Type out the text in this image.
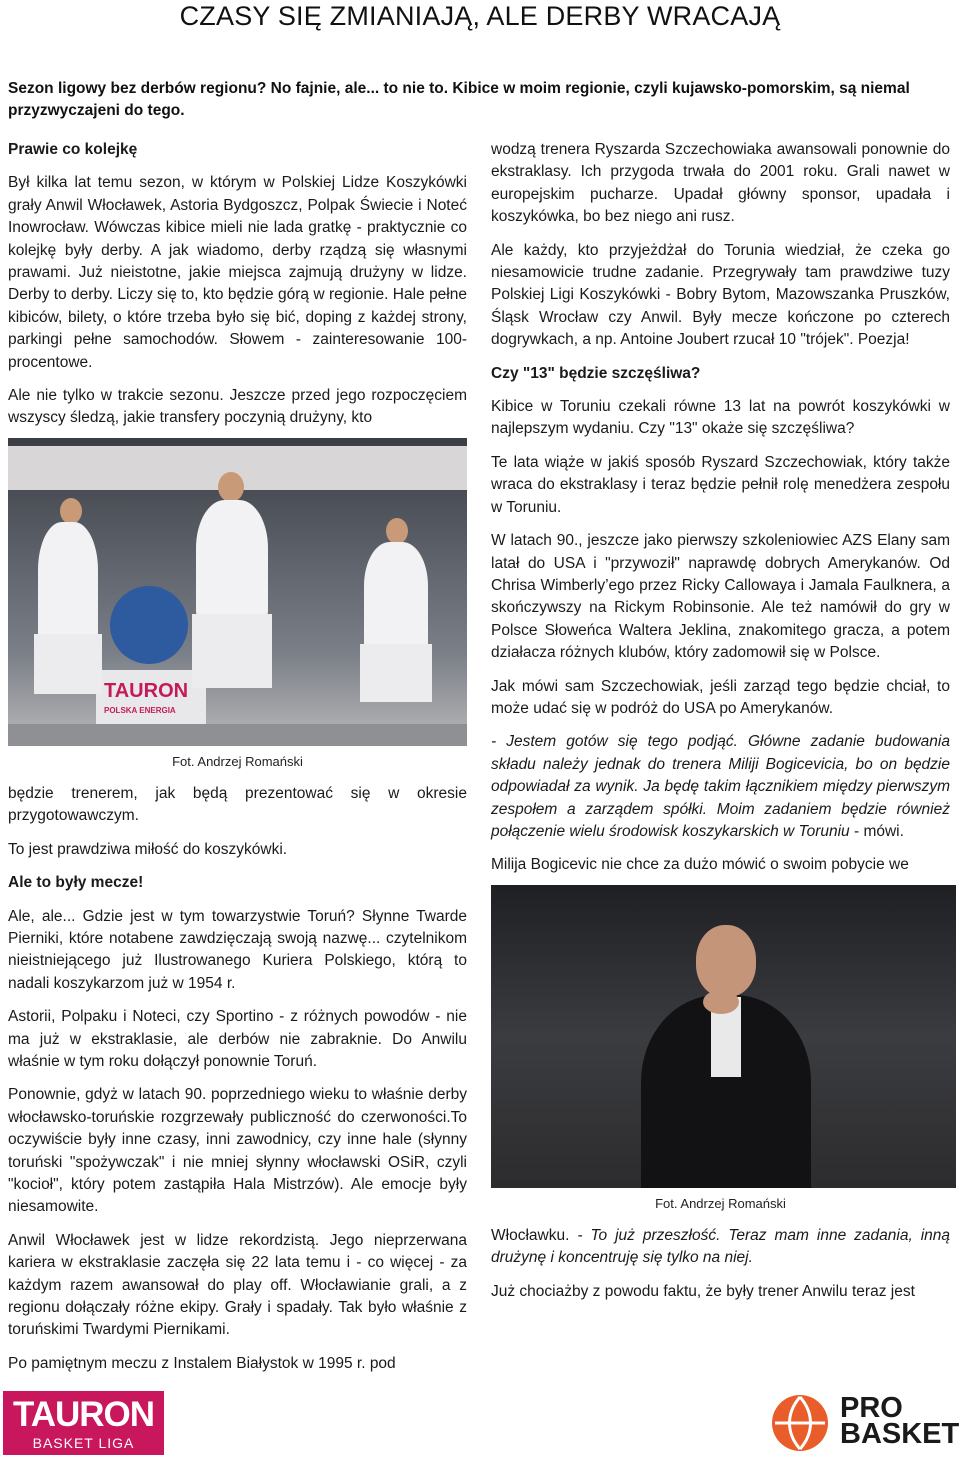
CZASY SIĘ ZMIANIAJĄ, ALE DERBY WRACAJĄ
Sezon ligowy bez derbów regionu? No fajnie, ale... to nie to. Kibice w moim regionie, czyli kujawsko-pomorskim, są niemal przyzwyczajeni do tego.

Prawie co kolejkę

Był kilka lat temu sezon, w którym w Polskiej Lidze Koszykówki grały Anwil Włocławek, Astoria Bydgoszcz, Polpak Świecie i Noteć Inowrocław. Wówczas kibice mieli nie lada gratkę - praktycznie co kolejkę były derby. A jak wiadomo, derby rządzą się własnymi prawami. Już nieistotne, jakie miejsca zajmują drużyny w lidze. Derby to derby. Liczy się to, kto będzie górą w regionie. Hale pełne kibiców, bilety, o które trzeba było się bić, doping z każdej strony, parkingi pełne samochodów. Słowem - zainteresowanie 100-procentowe.

Ale nie tylko w trakcie sezonu. Jeszcze przed jego rozpoczęciem wszyscy śledzą, jakie transfery poczynią drużyny, kto

TAURON
POLSKA ENERGIA
Fot. Andrzej Romański

będzie trenerem, jak będą prezentować się w okresie przygotowawczym.

To jest prawdziwa miłość do koszykówki.

Ale to były mecze!

Ale, ale... Gdzie jest w tym towarzystwie Toruń? Słynne Twarde Pierniki, które notabene zawdzięczają swoją nazwę... czytelnikom nieistniejącego już Ilustrowanego Kuriera Polskiego, którą to nadali koszykarzom już w 1954 r.

Astorii, Polpaku i Noteci, czy Sportino - z różnych powodów - nie ma już w ekstraklasie, ale derbów nie zabraknie. Do Anwilu właśnie w tym roku dołączył ponownie Toruń.

Ponownie, gdyż w latach 90. poprzedniego wieku to właśnie derby włocławsko-toruńskie rozgrzewały publiczność do czerwoności.To oczywiście były inne czasy, inni zawodnicy, czy inne hale (słynny toruński "spożywczak" i nie mniej słynny włocławski OSiR, czyli "kocioł", który potem zastąpiła Hala Mistrzów). Ale emocje były niesamowite.

Anwil Włocławek jest w lidze rekordzistą. Jego nieprzerwana kariera w ekstraklasie zaczęła się 22 lata temu i - co więcej - za każdym razem awansował do play off. Włocławianie grali, a z regionu dołączały różne ekipy. Grały i spadały. Tak było właśnie z toruńskimi Twardymi Piernikami.

Po pamiętnym meczu z Instalem Białystok w 1995 r. pod

wodzą trenera Ryszarda Szczechowiaka awansowali ponownie do ekstraklasy. Ich przygoda trwała do 2001 roku. Grali nawet w europejskim pucharze. Upadał główny sponsor, upadała i koszykówka, bo bez niego ani rusz.

Ale każdy, kto przyjeżdżał do Torunia wiedział, że czeka go niesamowicie trudne zadanie. Przegrywały tam prawdziwe tuzy Polskiej Ligi Koszykówki - Bobry Bytom, Mazowszanka Pruszków, Śląsk Wrocław czy Anwil. Były mecze kończone po czterech dogrywkach, a np. Antoine Joubert rzucał 10 "trójek". Poezja!

Czy "13" będzie szczęśliwa?

Kibice w Toruniu czekali równe 13 lat na powrót koszykówki w najlepszym wydaniu. Czy "13" okaże się szczęśliwa?

Te lata wiąże w jakiś sposób Ryszard Szczechowiak, który także wraca do ekstraklasy i teraz będzie pełnił rolę menedżera zespołu w Toruniu.

W latach 90., jeszcze jako pierwszy szkoleniowiec AZS Elany sam latał do USA i "przywoził" naprawdę dobrych Amerykanów. Od Chrisa Wimberly’ego przez Ricky Callowaya i Jamala Faulknera, a skończywszy na Rickym Robinsonie. Ale też namówił do gry w Polsce Słoweńca Waltera Jeklina, znakomitego gracza, a potem działacza różnych klubów, który zadomowił się w Polsce.

Jak mówi sam Szczechowiak, jeśli zarząd tego będzie chciał, to może udać się w podróż do USA po Amerykanów.

- Jestem gotów się tego podjąć. Główne zadanie budowania składu należy jednak do trenera Miliji Bogicevicia, bo on będzie odpowiadał za wynik. Ja będę takim łącznikiem między pierwszym zespołem a zarządem spółki. Moim zadaniem będzie również połączenie wielu środowisk koszykarskich w Toruniu - mówi.

Milija Bogicevic nie chce za dużo mówić o swoim pobycie we

Fot. Andrzej Romański

Włocławku. - To już przeszłość. Teraz mam inne zadania, inną drużynę i koncentruję się tylko na niej.

Już chociażby z powodu faktu, że były trener Anwilu teraz jest

TAURON
BASKET LIGA
PRO
BASKET
